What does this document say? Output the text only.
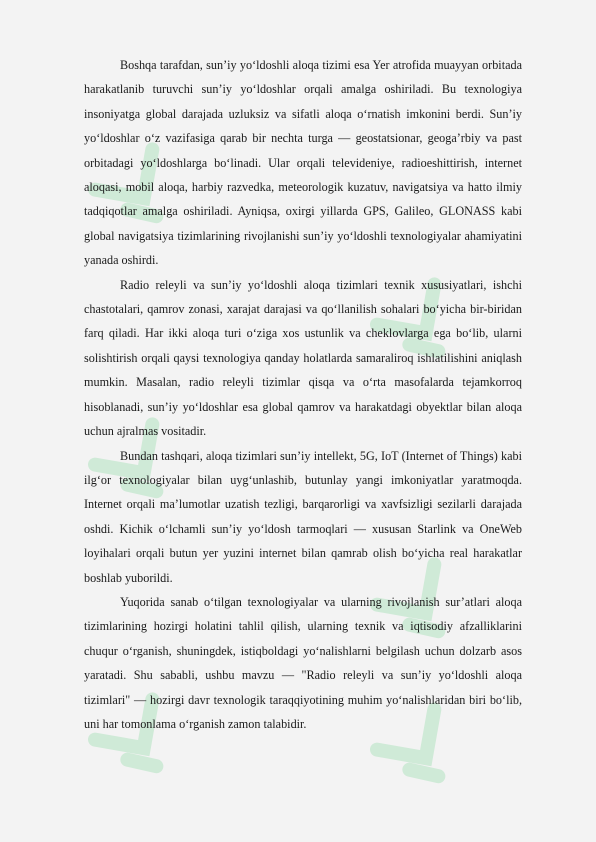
Boshqa tarafdan, sun’iy yo‘ldoshli aloqa tizimi esa Yer atrofida muayyan orbitada harakatlanib turuvchi sun’iy yo‘ldoshlar orqali amalga oshiriladi. Bu texnologiya insoniyatga global darajada uzluksiz va sifatli aloqa o‘rnatish imkonini berdi. Sun’iy yo‘ldoshlar o‘z vazifasiga qarab bir nechta turga — geostatsionar, geoga’rbiy va past orbitadagi yo‘ldoshlarga bo‘linadi. Ular orqali televideniye, radioeshittirish, internet aloqasi, mobil aloqa, harbiy razvedka, meteorologik kuzatuv, navigatsiya va hatto ilmiy tadqiqotlar amalga oshiriladi. Ayniqsa, oxirgi yillarda GPS, Galileo, GLONASS kabi global navigatsiya tizimlarining rivojlanishi sun’iy yo‘ldoshli texnologiyalar ahamiyatini yanada oshirdi.

Radio releyli va sun’iy yo‘ldoshli aloqa tizimlari texnik xususiyatlari, ishchi chastotalari, qamrov zonasi, xarajat darajasi va qo‘llanilish sohalari bo‘yicha bir-biridan farq qiladi. Har ikki aloqa turi o‘ziga xos ustunlik va cheklovlarga ega bo‘lib, ularni solishtirish orqali qaysi texnologiya qanday holatlarda samaraliroq ishlatilishini aniqlash mumkin. Masalan, radio releyli tizimlar qisqa va o‘rta masofalarda tejamkorroq hisoblanadi, sun’iy yo‘ldoshlar esa global qamrov va harakatdagi obyektlar bilan aloqa uchun ajralmas vositadir.

Bundan tashqari, aloqa tizimlari sun’iy intellekt, 5G, IoT (Internet of Things) kabi ilg‘or texnologiyalar bilan uyg‘unlashib, butunlay yangi imkoniyatlar yaratmoqda. Internet orqali ma’lumotlar uzatish tezligi, barqarorligi va xavfsizligi sezilarli darajada oshdi. Kichik o‘lchamli sun’iy yo‘ldosh tarmoqlari — xususan Starlink va OneWeb loyihalari orqali butun yer yuzini internet bilan qamrab olish bo‘yicha real harakatlar boshlab yuborildi.

Yuqorida sanab o‘tilgan texnologiyalar va ularning rivojlanish sur’atlari aloqa tizimlarining hozirgi holatini tahlil qilish, ularning texnik va iqtisodiy afzalliklarini chuqur o‘rganish, shuningdek, istiqboldagi yo‘nalishlarni belgilash uchun dolzarb asos yaratadi. Shu sababli, ushbu mavzu — "Radio releyli va sun’iy yo‘ldoshli aloqa tizimlari" — hozirgi davr texnologik taraqqiyotining muhim yo‘nalishlaridan biri bo‘lib, uni har tomonlama o‘rganish zamon talabidir.
